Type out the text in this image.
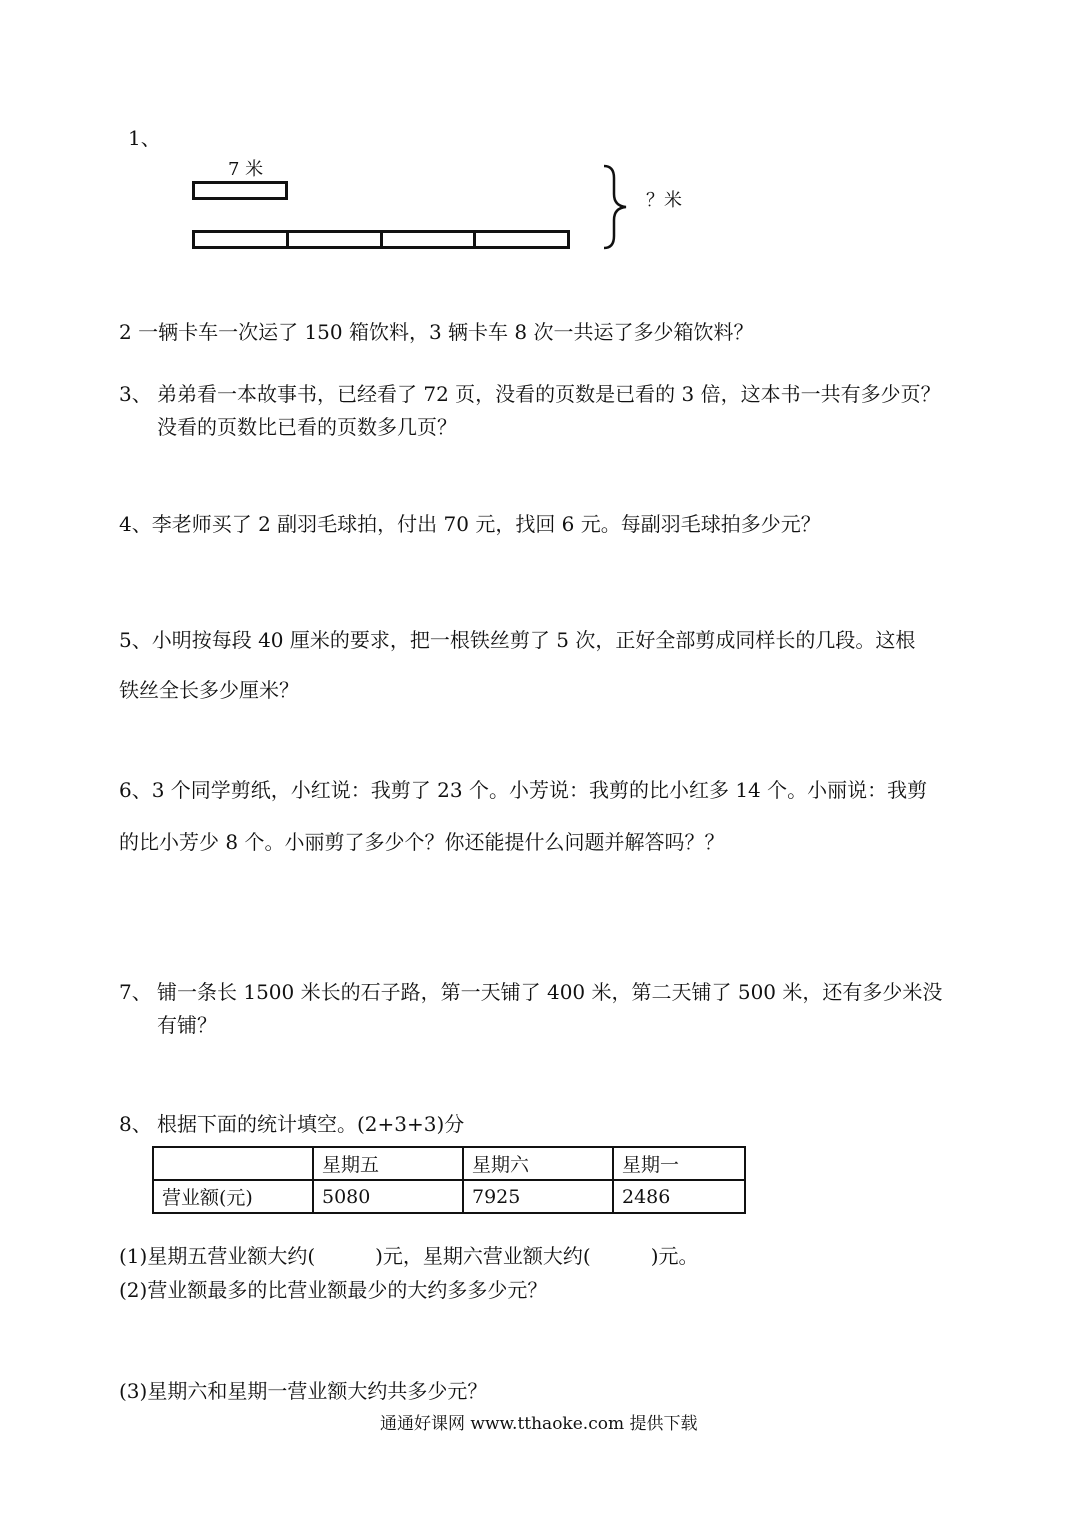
1、
7 米
？米
2 一辆卡车一次运了 150 箱饮料，3 辆卡车 8 次一共运了多少箱饮料？
3、 弟弟看一本故事书，已经看了 72 页，没看的页数是已看的 3 倍，这本书一共有多少页？
没看的页数比已看的页数多几页？
4、李老师买了 2 副羽毛球拍，付出 70 元，找回 6 元。每副羽毛球拍多少元？
5、小明按每段 40 厘米的要求，把一根铁丝剪了 5 次，正好全部剪成同样长的几段。这根
铁丝全长多少厘米？
6、3 个同学剪纸，小红说：我剪了 23 个。小芳说：我剪的比小红多 14 个。小丽说：我剪
的比小芳少 8 个。小丽剪了多少个？你还能提什么问题并解答吗？？
7、 铺一条长 1500 米长的石子路，第一天铺了 400 米，第二天铺了 500 米，还有多少米没
有铺？
8、 根据下面的统计填空。(2+3+3)分
	星期五	星期六	星期一
营业额(元)	5080	7925	2486
(1)星期五营业额大约(　　　)元，星期六营业额大约(　　　)元。
(2)营业额最多的比营业额最少的大约多多少元？
(3)星期六和星期一营业额大约共多少元？
通通好课网 www.tthaoke.com 提供下载
